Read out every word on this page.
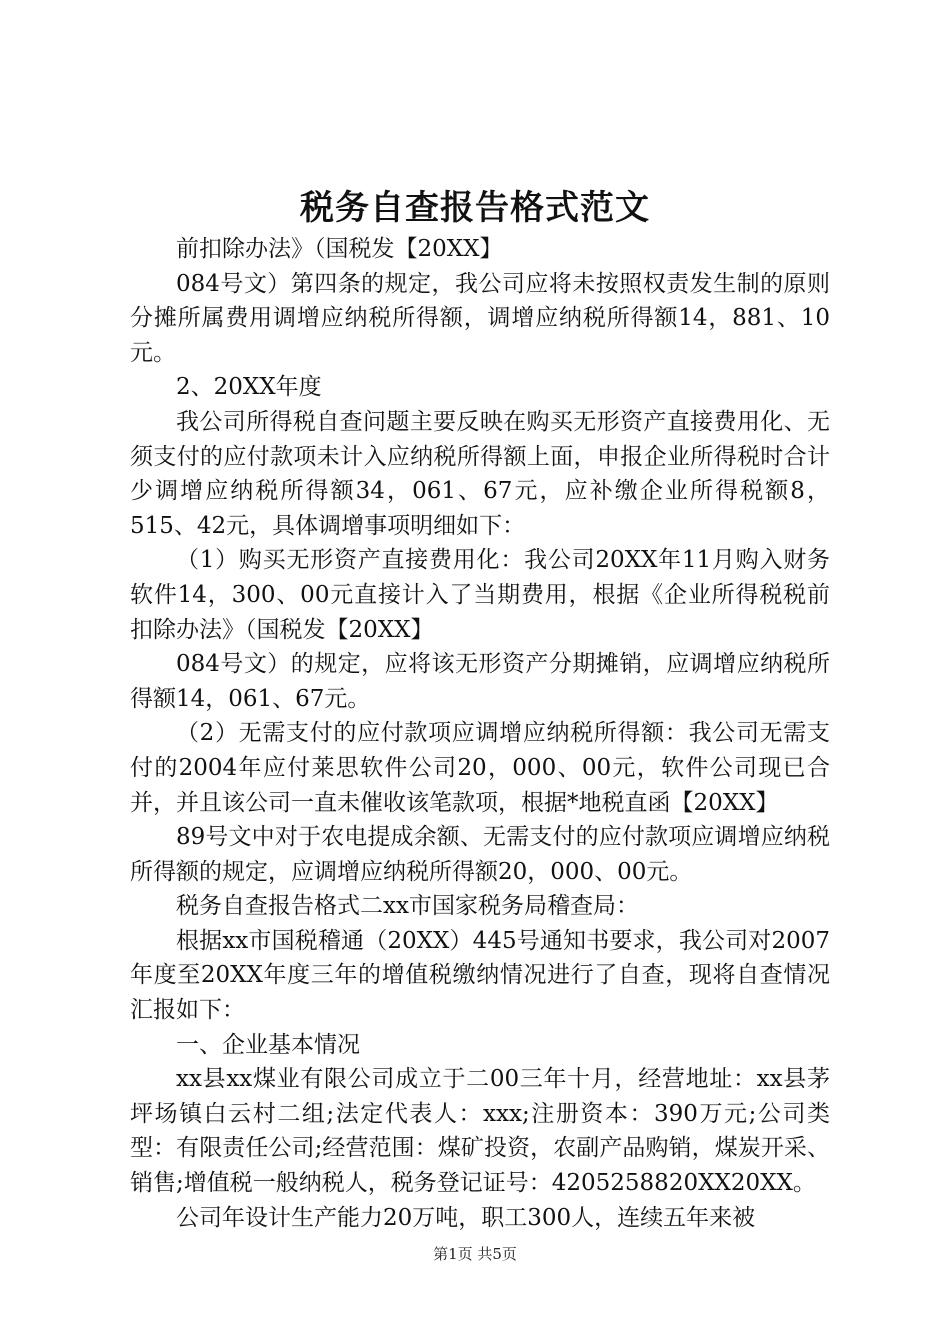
税务自查报告格式范文

前扣除办法》（国税发【20XX】

084号文）第四条的规定，我公司应将未按照权责发生制的原则分摊所属费用调增应纳税所得额，调增应纳税所得额14，881、10元。

2、20XX年度

我公司所得税自查问题主要反映在购买无形资产直接费用化、无须支付的应付款项未计入应纳税所得额上面，申报企业所得税时合计少调增应纳税所得额34，061、67元，应补缴企业所得税额8，515、42元，具体调增事项明细如下：

（1）购买无形资产直接费用化：我公司20XX年11月购入财务软件14，300、00元直接计入了当期费用，根据《企业所得税税前扣除办法》（国税发【20XX】

084号文）的规定，应将该无形资产分期摊销，应调增应纳税所得额14，061、67元。

（2）无需支付的应付款项应调增应纳税所得额：我公司无需支付的2004年应付莱思软件公司20，000、00元，软件公司现已合并，并且该公司一直未催收该笔款项，根据*地税直函【20XX】

89号文中对于农电提成余额、无需支付的应付款项应调增应纳税所得额的规定，应调增应纳税所得额20，000、00元。

税务自查报告格式二xx市国家税务局稽查局：

根据xx市国税稽通（20XX）445号通知书要求，我公司对2007年度至20XX年度三年的增值税缴纳情况进行了自查，现将自查情况汇报如下：

一、企业基本情况

xx县xx煤业有限公司成立于二00三年十月，经营地址：xx县茅坪场镇白云村二组;法定代表人：xxx;注册资本：390万元;公司类型：有限责任公司;经营范围：煤矿投资，农副产品购销，煤炭开采、销售;增值税一般纳税人，税务登记证号：4205258820XX20XX。

公司年设计生产能力20万吨，职工300人，连续五年来被

第1页 共5页
